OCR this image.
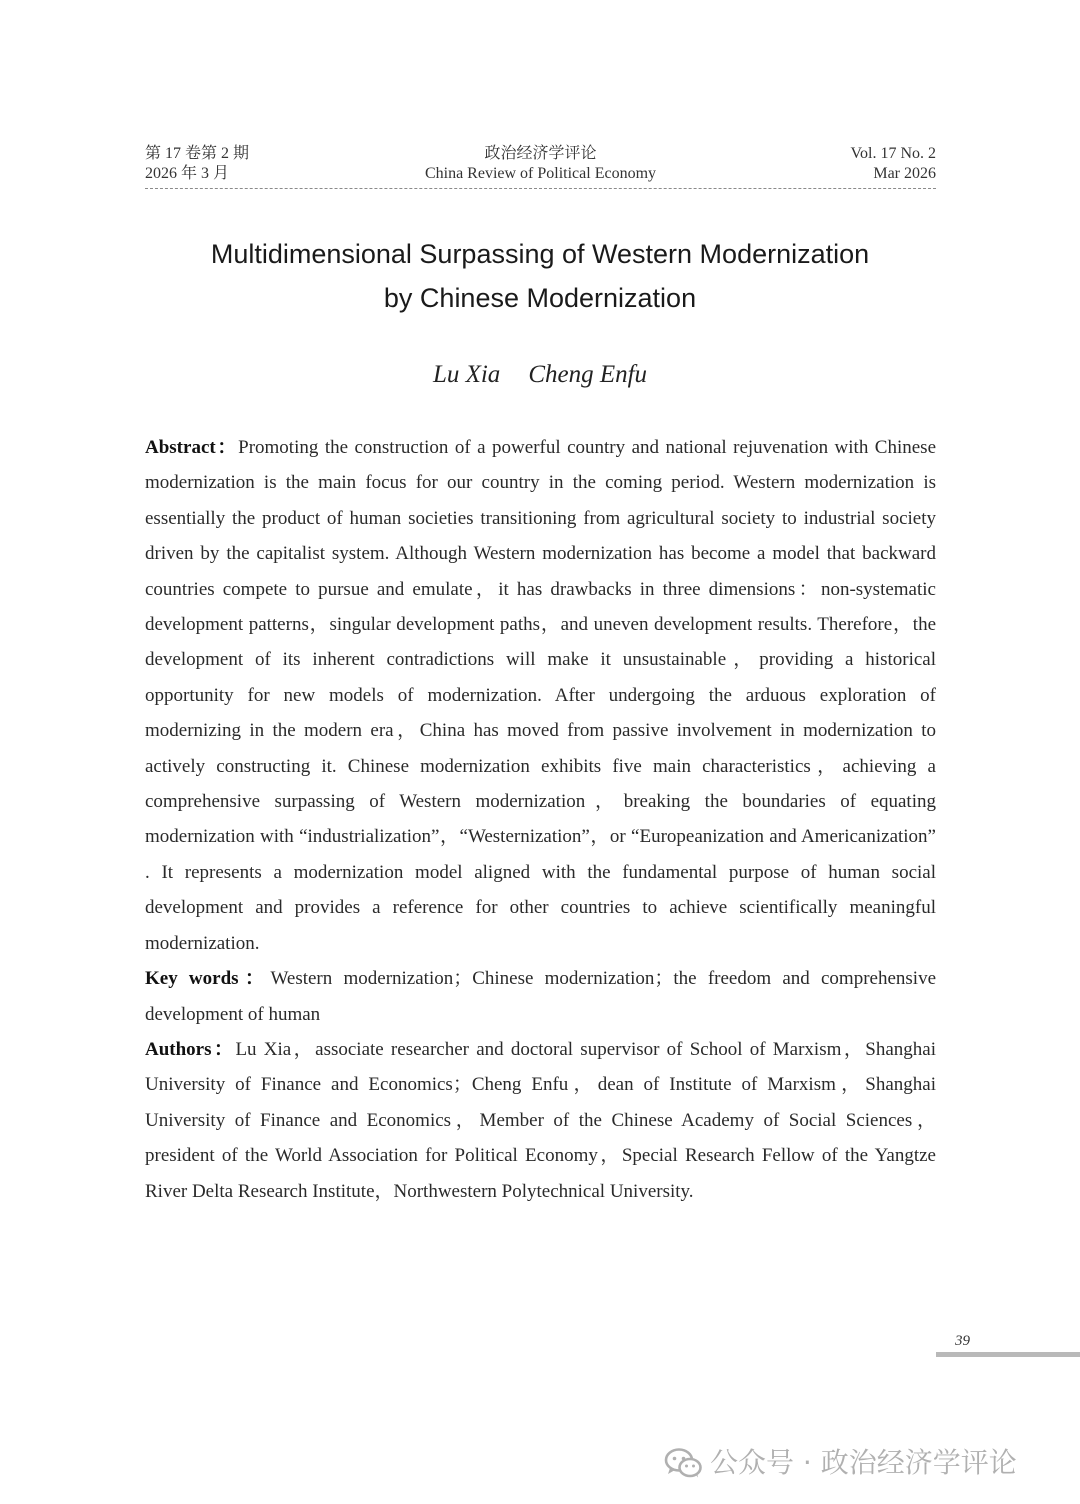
第 17 卷第 2 期
2026 年 3 月
政治经济学评论
China Review of Political Economy
Vol. 17 No. 2
Mar 2026
Multidimensional Surpassing of Western Modernization
by Chinese Modernization
Lu Xia Cheng Enfu

Abstract：Promoting the construction of a powerful country and national rejuvenation with Chinese modernization is the main focus for our country in the coming period. Western modernization is essentially the product of human societies transitioning from agricultural society to industrial society driven by the capitalist system. Although Western modernization has become a model that backward countries compete to pursue and emulate，it has drawbacks in three dimensions：non-systematic development patterns，singular development paths，and uneven development results. Therefore，the development of its inherent contradictions will make it unsustainable，providing a historical opportunity for new models of modernization. After undergoing the arduous exploration of modernizing in the modern era，China has moved from passive involvement in modernization to actively constructing it. Chinese modernization exhibits five main characteristics，achieving a comprehensive surpassing of Western modernization，breaking the boundaries of equating modernization with “industrialization”，“Westernization”，or “Europeanization and Americanization” . It represents a modernization model aligned with the fundamental purpose of human social development and provides a reference for other countries to achieve scientifically meaningful modernization.

Key words：Western modernization；Chinese modernization；the freedom and comprehensive development of human

Authors：Lu Xia，associate researcher and doctoral supervisor of School of Marxism，Shanghai University of Finance and Economics；Cheng Enfu，dean of Institute of Marxism，Shanghai University of Finance and Economics，Member of the Chinese Academy of Social Sciences，president of the World Association for Political Economy，Special Research Fellow of the Yangtze River Delta Research Institute，Northwestern Polytechnical University.

39
公众号 · 政治经济学评论
